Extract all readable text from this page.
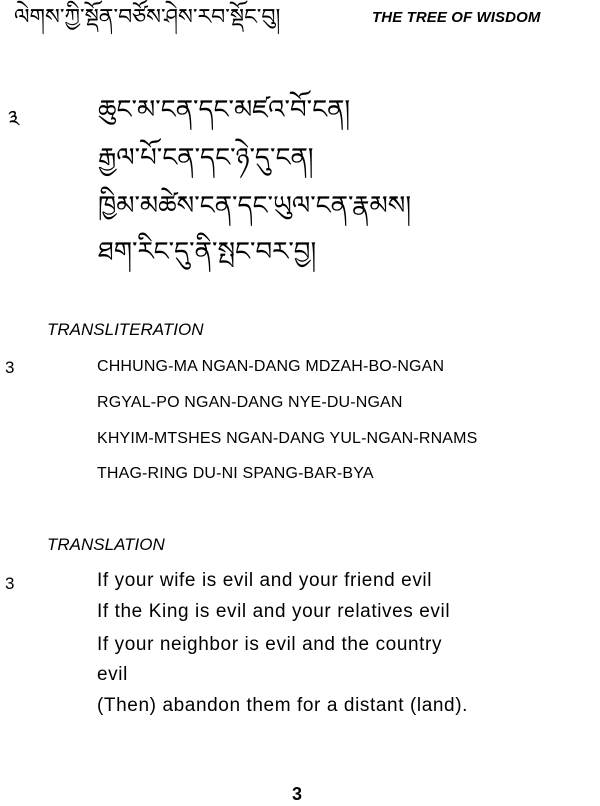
ལེགས་ཀྱི་སྡོན་བཙོས་ཤེས་རབ་སྡོང་བུ།	THE TREE OF WISDOM
༣	ཆུང་མ་ངན་དང་མཛའ་བོ་ངན།
རྒྱལ་པོ་ངན་དང་ཉེ་དུ་ངན།
ཁྱིམ་མཚེས་ངན་དང་ཡུལ་ངན་རྣམས།
ཐག་རིང་དུ་ནི་སྤང་བར་བྱ།
TRANSLITERATION
3	CHHUNG-MA NGAN-DANG MDZAH-BO-NGAN
RGYAL-PO NGAN-DANG NYE-DU-NGAN
KHYIM-MTSHES NGAN-DANG YUL-NGAN-RNAMS
THAG-RING DU-NI SPANG-BAR-BYA
TRANSLATION
3	If your wife is evil and your friend evil
If the King is evil and your relatives evil
If your neighbor is evil and the country
evil
(Then) abandon them for a distant (land).
3
